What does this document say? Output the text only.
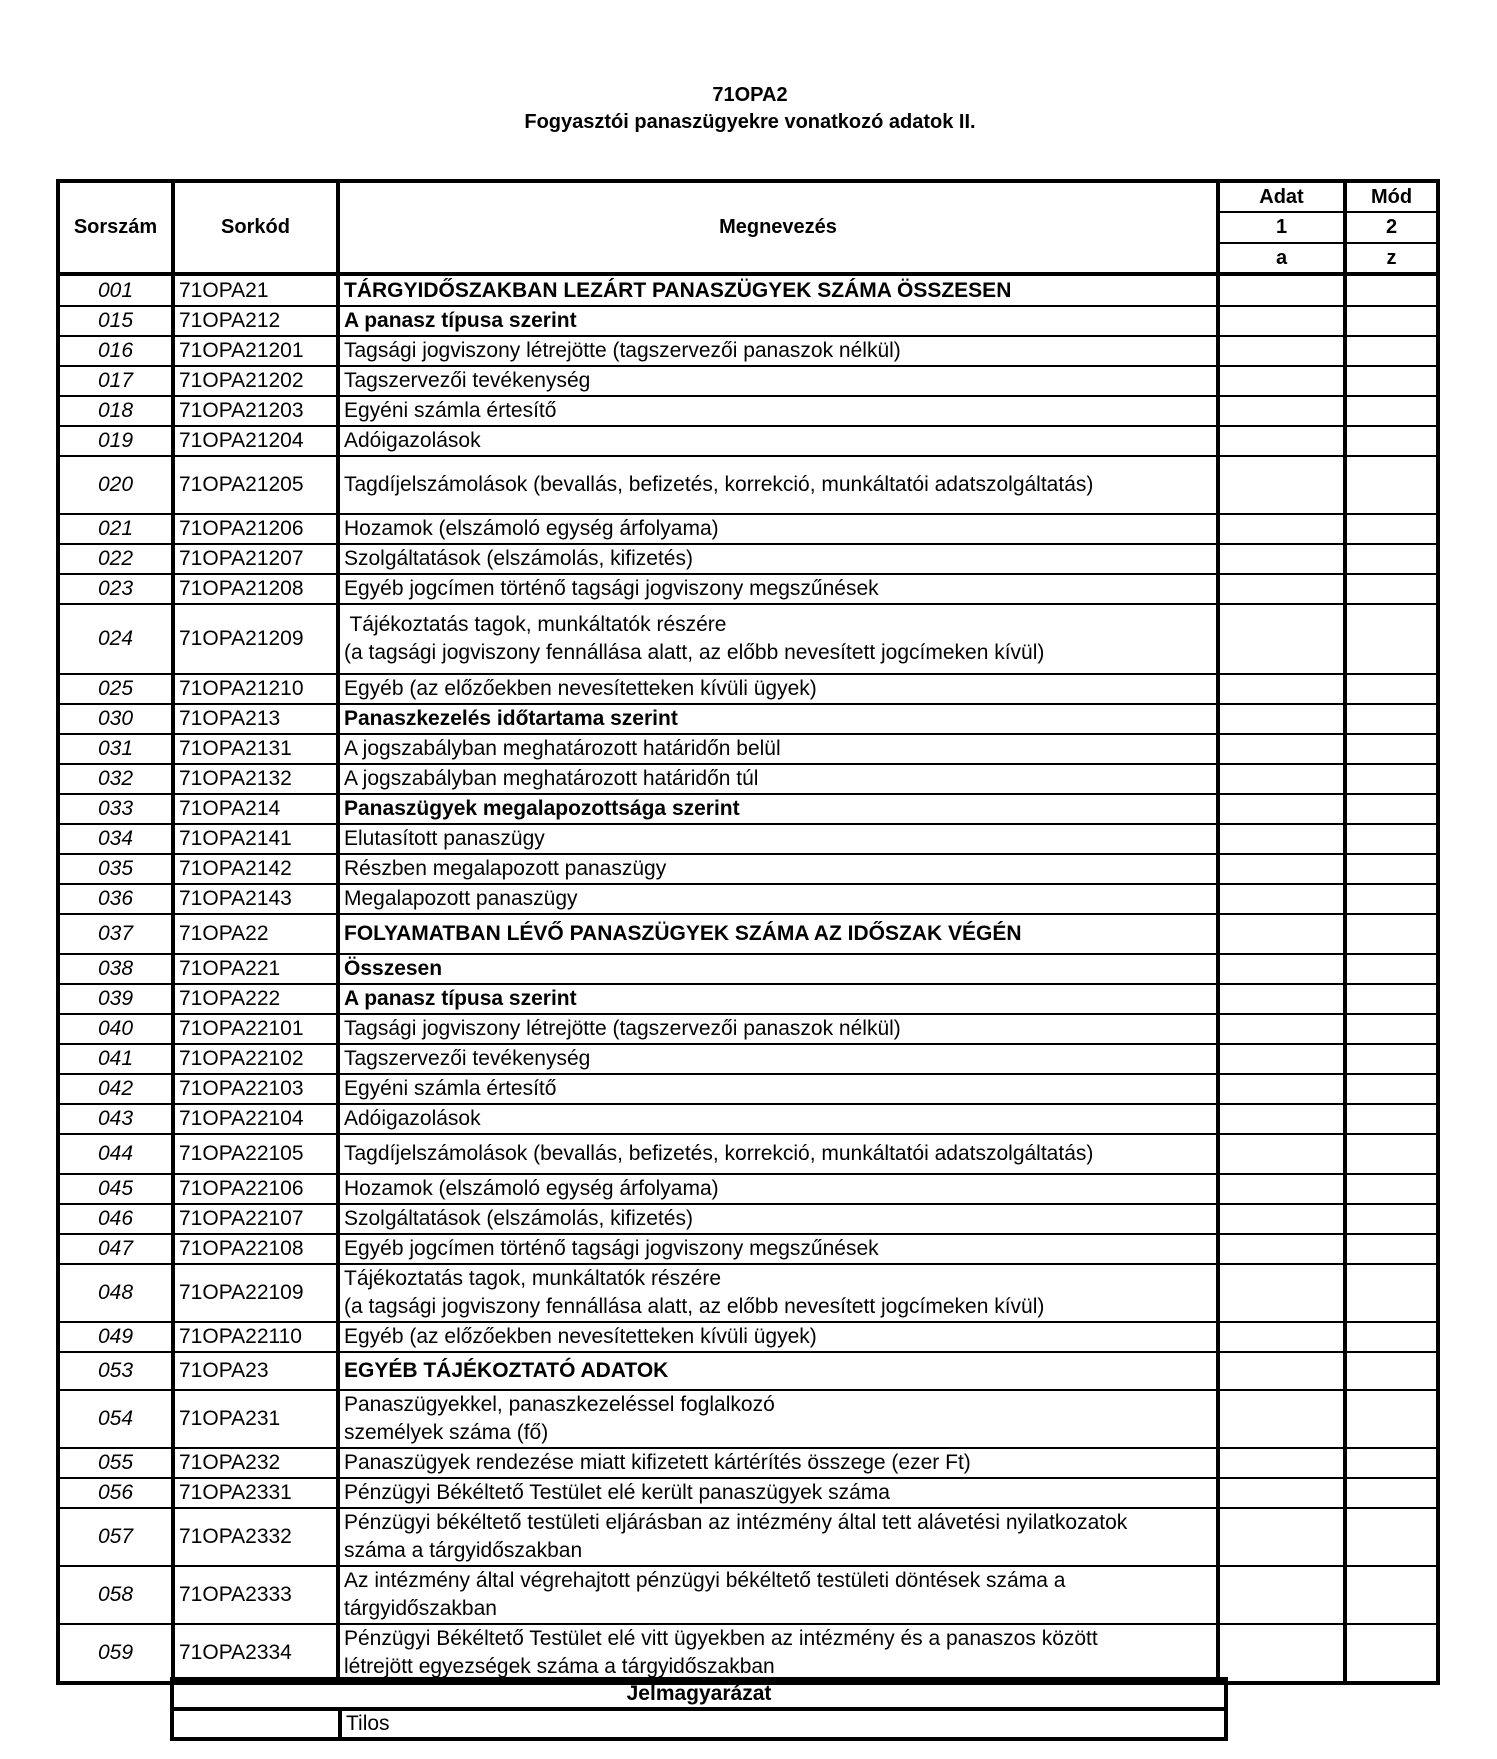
71OPA2
Fogyasztói panaszügyekre vonatkozó adatok II.
Sorszám	Sorkód	Megnevezés	Adat	Mód
			1	2
			a	z
001	71OPA21	TÁRGYIDŐSZAKBAN LEZÁRT PANASZÜGYEK SZÁMA ÖSSZESEN		
015	71OPA212	A panasz típusa szerint		
016	71OPA21201	Tagsági jogviszony létrejötte (tagszervezői panaszok nélkül)		
017	71OPA21202	Tagszervezői tevékenység		
018	71OPA21203	Egyéni számla értesítő		
019	71OPA21204	Adóigazolások		
020	71OPA21205	Tagdíjelszámolások (bevallás, befizetés, korrekció, munkáltatói adatszolgáltatás)		
021	71OPA21206	Hozamok (elszámoló egység árfolyama)		
022	71OPA21207	Szolgáltatások (elszámolás, kifizetés)		
023	71OPA21208	Egyéb jogcímen történő tagsági jogviszony megszűnések		
024	71OPA21209	Tájékoztatás tagok, munkáltatók részére
(a tagsági jogviszony fennállása alatt, az előbb nevesített jogcímeken kívül)		
025	71OPA21210	Egyéb (az előzőekben nevesítetteken kívüli ügyek)		
030	71OPA213	Panaszkezelés időtartama szerint		
031	71OPA2131	A jogszabályban meghatározott határidőn belül		
032	71OPA2132	A jogszabályban meghatározott határidőn túl		
033	71OPA214	Panaszügyek megalapozottsága szerint		
034	71OPA2141	Elutasított panaszügy		
035	71OPA2142	Részben megalapozott panaszügy		
036	71OPA2143	Megalapozott panaszügy		
037	71OPA22	FOLYAMATBAN LÉVŐ PANASZÜGYEK SZÁMA AZ IDŐSZAK VÉGÉN		
038	71OPA221	Összesen		
039	71OPA222	A panasz típusa szerint		
040	71OPA22101	Tagsági jogviszony létrejötte (tagszervezői panaszok nélkül)		
041	71OPA22102	Tagszervezői tevékenység		
042	71OPA22103	Egyéni számla értesítő		
043	71OPA22104	Adóigazolások		
044	71OPA22105	Tagdíjelszámolások (bevallás, befizetés, korrekció, munkáltatói adatszolgáltatás)		
045	71OPA22106	Hozamok (elszámoló egység árfolyama)		
046	71OPA22107	Szolgáltatások (elszámolás, kifizetés)		
047	71OPA22108	Egyéb jogcímen történő tagsági jogviszony megszűnések		
048	71OPA22109	Tájékoztatás tagok, munkáltatók részére
(a tagsági jogviszony fennállása alatt, az előbb nevesített jogcímeken kívül)		
049	71OPA22110	Egyéb (az előzőekben nevesítetteken kívüli ügyek)		
053	71OPA23	EGYÉB TÁJÉKOZTATÓ ADATOK		
054	71OPA231	Panaszügyekkel, panaszkezeléssel foglalkozó
személyek száma (fő)		
055	71OPA232	Panaszügyek rendezése miatt kifizetett kártérítés összege (ezer Ft)		
056	71OPA2331	Pénzügyi Békéltető Testület elé került panaszügyek száma		
057	71OPA2332	Pénzügyi békéltető testületi eljárásban az intézmény által tett alávetési nyilatkozatok
száma a tárgyidőszakban		
058	71OPA2333	Az intézmény által végrehajtott pénzügyi békéltető testületi döntések száma a
tárgyidőszakban		
059	71OPA2334	Pénzügyi Békéltető Testület elé vitt ügyekben az intézmény és a panaszos között
létrejött egyezségek száma a tárgyidőszakban		
Jelmagyarázat
	Tilos
